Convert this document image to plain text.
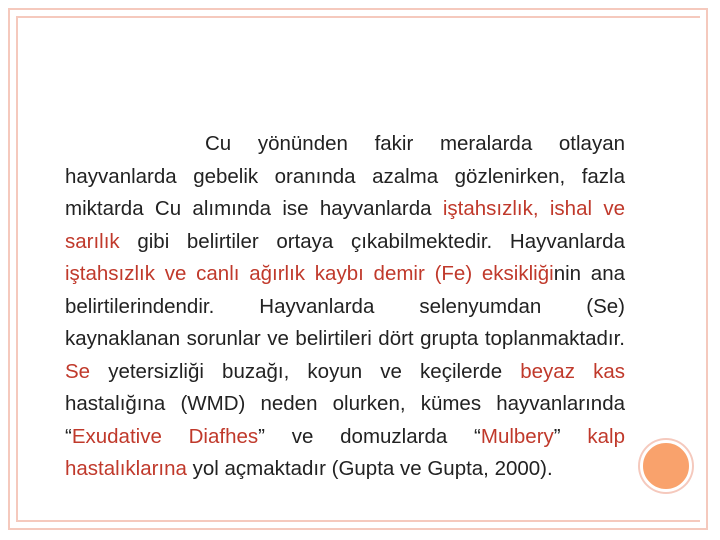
Cu yönünden fakir meralarda otlayan hayvanlarda gebelik oranında azalma gözlenirken, fazla miktarda Cu alımında ise hayvanlarda iştahsızlık, ishal ve sarılık gibi belirtiler ortaya çıkabilmektedir. Hayvanlarda iştahsızlık ve canlı ağırlık kaybı demir (Fe) eksikliğinin ana belirtilerindendir. Hayvanlarda selenyumdan (Se) kaynaklanan sorunlar ve belirtileri dört grupta toplanmaktadır. Se yetersizliği buzağı, koyun ve keçilerde beyaz kas hastalığına (WMD) neden olurken, kümes hayvanlarında “Exudative Diafhes” ve domuzlarda “Mulbery” kalp hastalıklarına yol açmaktadır (Gupta ve Gupta, 2000).
